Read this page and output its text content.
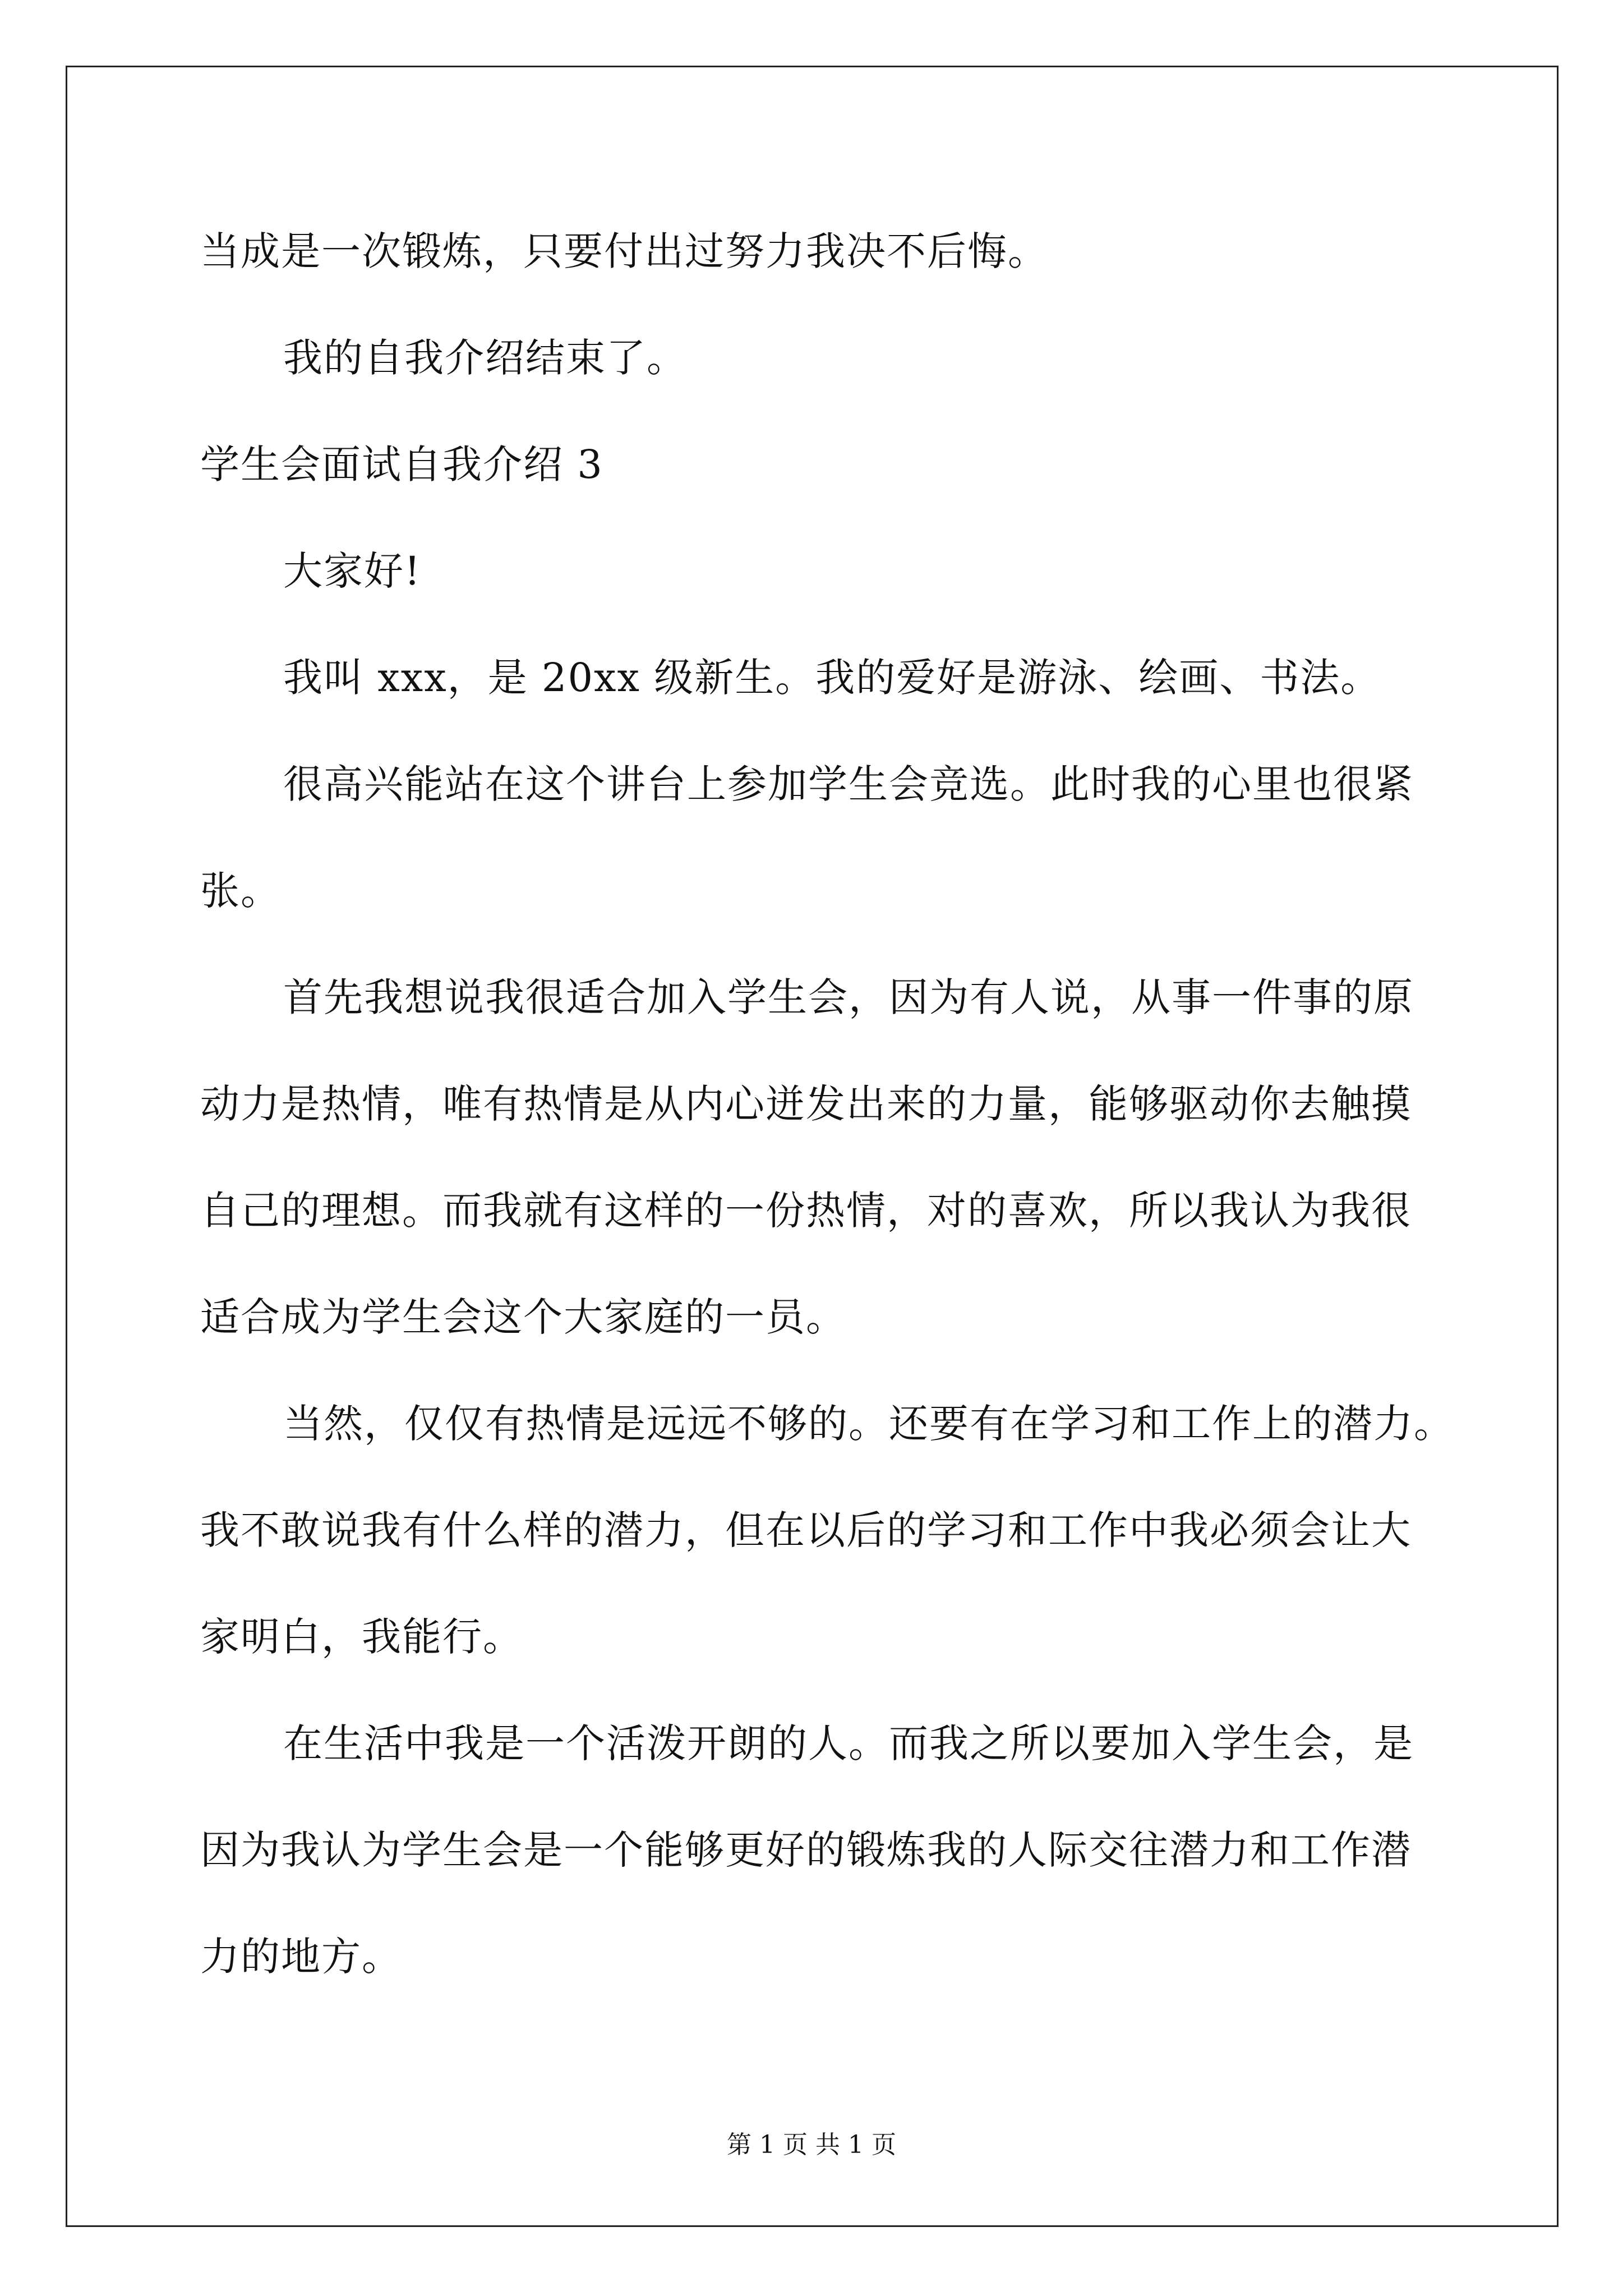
当成是一次锻炼，只要付出过努力我决不后悔。
我的自我介绍结束了。
学生会面试自我介绍 3
大家好!
我叫 xxx，是 20xx 级新生。我的爱好是游泳、绘画、书法。
很高兴能站在这个讲台上参加学生会竞选。此时我的心里也很紧
张。
首先我想说我很适合加入学生会，因为有人说，从事一件事的原
动力是热情，唯有热情是从内心迸发出来的力量，能够驱动你去触摸
自己的理想。而我就有这样的一份热情，对的喜欢，所以我认为我很
适合成为学生会这个大家庭的一员。
当然，仅仅有热情是远远不够的。还要有在学习和工作上的潜力。
我不敢说我有什么样的潜力，但在以后的学习和工作中我必须会让大
家明白，我能行。
在生活中我是一个活泼开朗的人。而我之所以要加入学生会，是
因为我认为学生会是一个能够更好的锻炼我的人际交往潜力和工作潜
力的地方。
第 1 页 共 1 页
